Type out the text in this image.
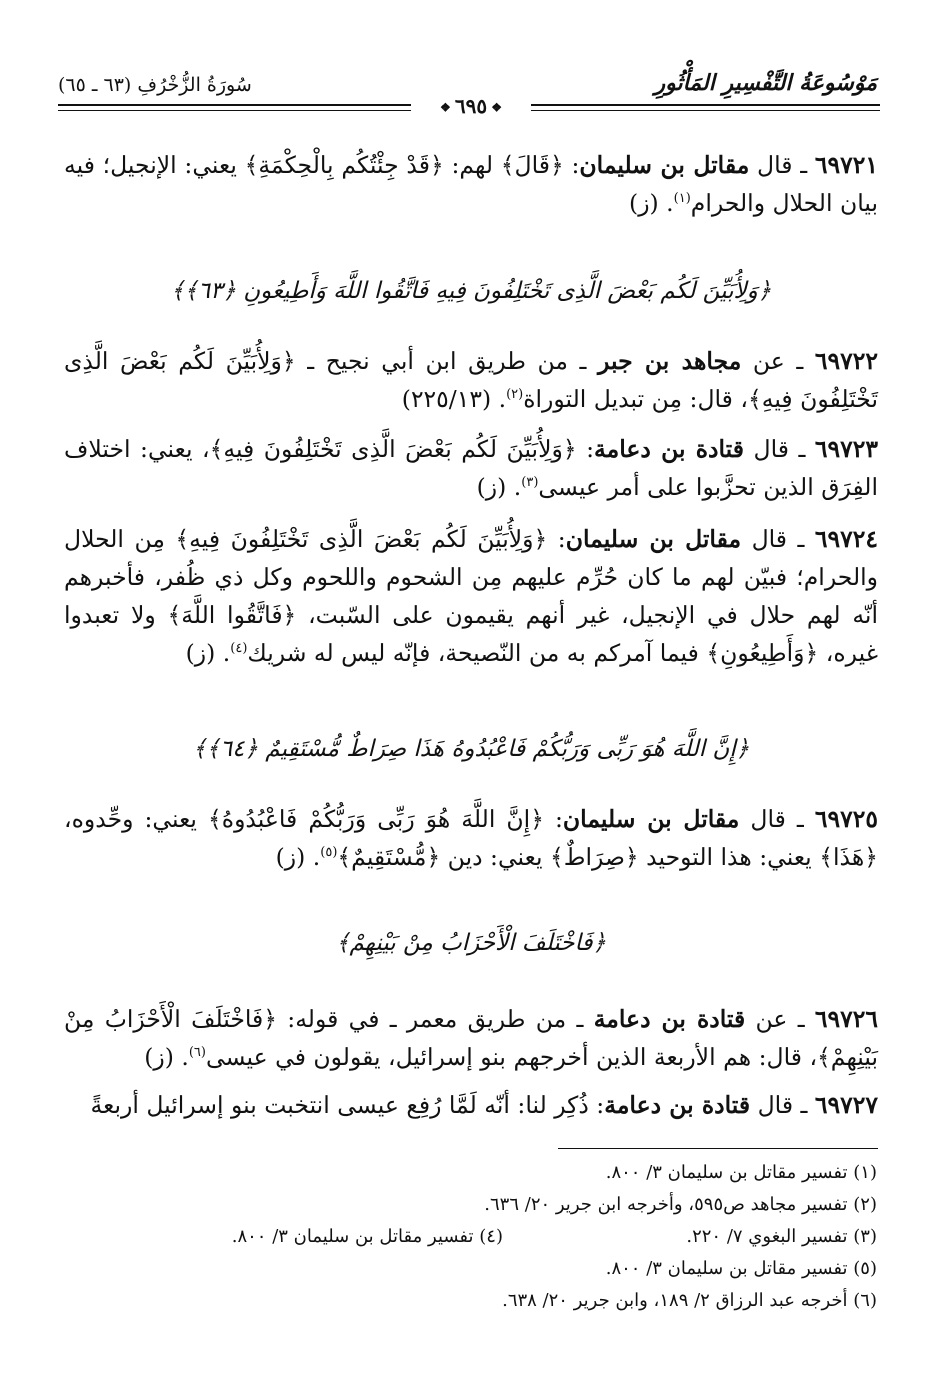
مَوْسُوعَةُ التَّفْسِيرِ المَأْثُورِ
سُورَةُ الزُّخْرُفِ (٦٣ ـ ٦٥)
❖ ٦٩٥ ❖

٦٩٧٢١ ـ قال مقاتل بن سليمان: ﴿قَالَ﴾ لهم: ﴿قَدْ جِئْتُكُم بِالْحِكْمَةِ﴾ يعني: الإنجيل؛ فيه بيان الحلال والحرام$^{(١)}$. (ز)

﴿وَلِأُبَيِّنَ لَكُم بَعْضَ الَّذِى تَخْتَلِفُونَ فِيهِ فَاتَّقُوا اللَّهَ وَأَطِيعُونِ ﴿٦٣﴾﴾

٦٩٧٢٢ ـ عن مجاهد بن جبر ـ من طريق ابن أبي نجيح ـ ﴿وَلِأُبَيِّنَ لَكُم بَعْضَ الَّذِى تَخْتَلِفُونَ فِيهِ﴾، قال: مِن تبديل التوراة$^{(٢)}$. (٢٢٥/١٣)

٦٩٧٢٣ ـ قال قتادة بن دعامة: ﴿وَلِأُبَيِّنَ لَكُم بَعْضَ الَّذِى تَخْتَلِفُونَ فِيهِ﴾، يعني: اختلاف الفِرَق الذين تحزَّبوا على أمر عيسى$^{(٣)}$. (ز)

٦٩٧٢٤ ـ قال مقاتل بن سليمان: ﴿وَلِأُبَيِّنَ لَكُم بَعْضَ الَّذِى تَخْتَلِفُونَ فِيهِ﴾ مِن الحلال والحرام؛ فبيّن لهم ما كان حُرِّم عليهم مِن الشحوم واللحوم وكل ذي ظُفر، فأخبرهم أنّه لهم حلال في الإنجيل، غير أنهم يقيمون على السّبت، ﴿فَاتَّقُوا اللَّهَ﴾ ولا تعبدوا غيره، ﴿وَأَطِيعُونِ﴾ فيما آمركم به من النّصيحة، فإنّه ليس له شريك$^{(٤)}$. (ز)

﴿إِنَّ اللَّهَ هُوَ رَبِّى وَرَبُّكُمْ فَاعْبُدُوهُ هَذَا صِرَاطٌ مُّسْتَقِيمٌ ﴿٦٤﴾﴾

٦٩٧٢٥ ـ قال مقاتل بن سليمان: ﴿إِنَّ اللَّهَ هُوَ رَبِّى وَرَبُّكُمْ فَاعْبُدُوهُ﴾ يعني: وحِّدوه، ﴿هَذَا﴾ يعني: هذا التوحيد ﴿صِرَاطٌ﴾ يعني: دين ﴿مُّسْتَقِيمٌ﴾$^{(٥)}$. (ز)

﴿فَاخْتَلَفَ الْأَحْزَابُ مِنْ بَيْنِهِمْ﴾

٦٩٧٢٦ ـ عن قتادة بن دعامة ـ من طريق معمر ـ في قوله: ﴿فَاخْتَلَفَ الْأَحْزَابُ مِنْ بَيْنِهِمْ﴾، قال: هم الأربعة الذين أخرجهم بنو إسرائيل، يقولون في عيسى$^{(٦)}$. (ز)

٦٩٧٢٧ ـ قال قتادة بن دعامة: ذُكِر لنا: أنّه لَمَّا رُفِع عيسى انتخبت بنو إسرائيل أربعةً

(١) تفسير مقاتل بن سليمان ٣/ ٨٠٠.
(٢) تفسير مجاهد ص٥٩٥، وأخرجه ابن جرير ٢٠/ ٦٣٦.
(٣) تفسير البغوي ٧/ ٢٢٠.
(٤) تفسير مقاتل بن سليمان ٣/ ٨٠٠.
(٥) تفسير مقاتل بن سليمان ٣/ ٨٠٠.
(٦) أخرجه عبد الرزاق ٢/ ١٨٩، وابن جرير ٢٠/ ٦٣٨.
